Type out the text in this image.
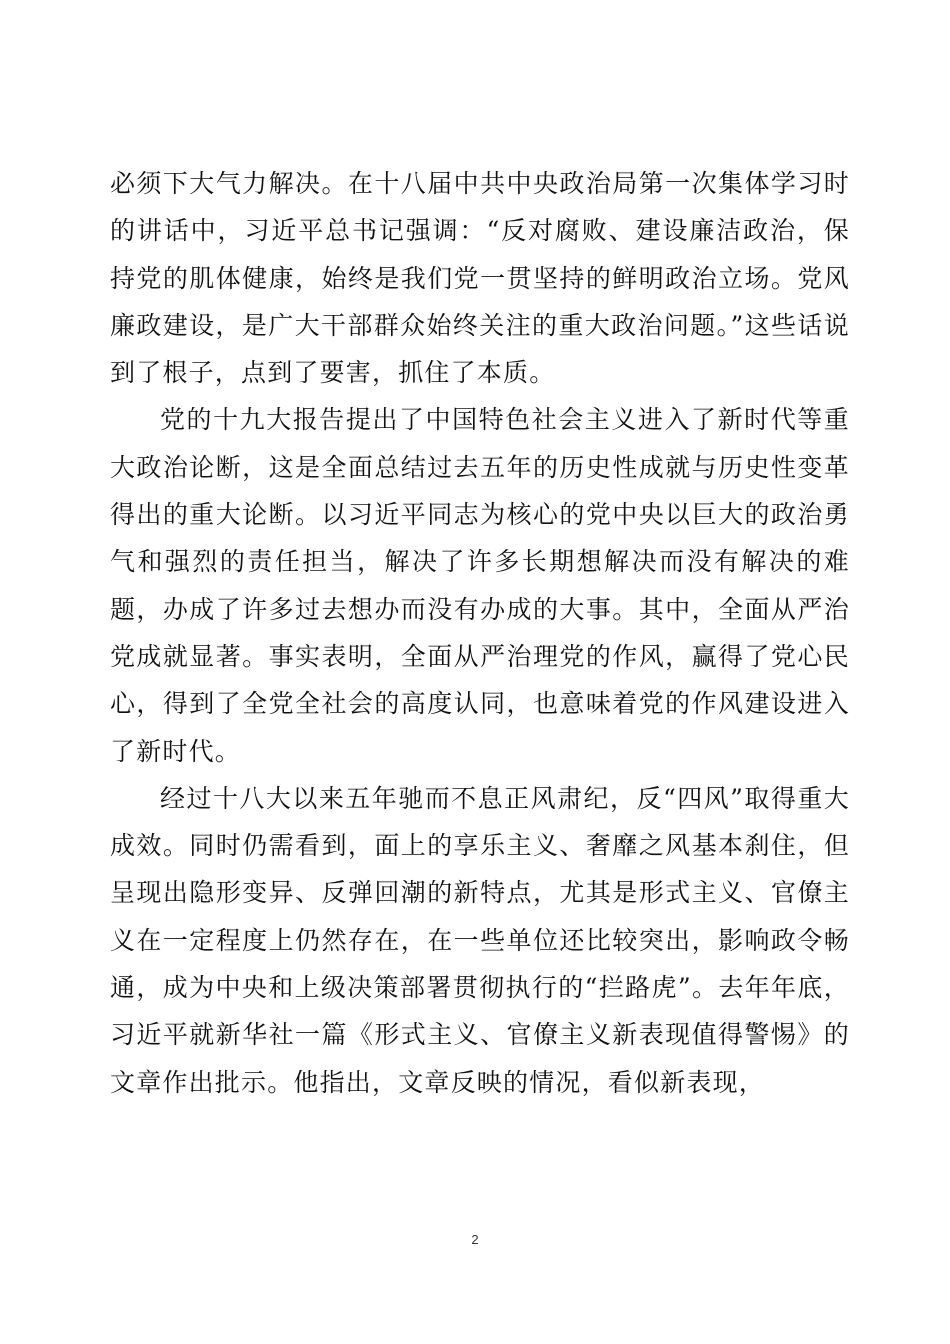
必须下大气力解决。在十八届中共中央政治局第一次集体学习时的讲话中，习近平总书记强调：“反对腐败、建设廉洁政治，保持党的肌体健康，始终是我们党一贯坚持的鲜明政治立场。党风廉政建设，是广大干部群众始终关注的重大政治问题。”这些话说到了根子，点到了要害，抓住了本质。

党的十九大报告提出了中国特色社会主义进入了新时代等重大政治论断，这是全面总结过去五年的历史性成就与历史性变革得出的重大论断。以习近平同志为核心的党中央以巨大的政治勇气和强烈的责任担当，解决了许多长期想解决而没有解决的难题，办成了许多过去想办而没有办成的大事。其中，全面从严治党成就显著。事实表明，全面从严治理党的作风，赢得了党心民心，得到了全党全社会的高度认同，也意味着党的作风建设进入了新时代。

经过十八大以来五年驰而不息正风肃纪，反“四风”取得重大成效。同时仍需看到，面上的享乐主义、奢靡之风基本刹住，但呈现出隐形变异、反弹回潮的新特点，尤其是形式主义、官僚主义在一定程度上仍然存在，在一些单位还比较突出，影响政令畅通，成为中央和上级决策部署贯彻执行的“拦路虎”。去年年底，习近平就新华社一篇《形式主义、官僚主义新表现值得警惕》的文章作出批示。他指出，文章反映的情况，看似新表现，

2
